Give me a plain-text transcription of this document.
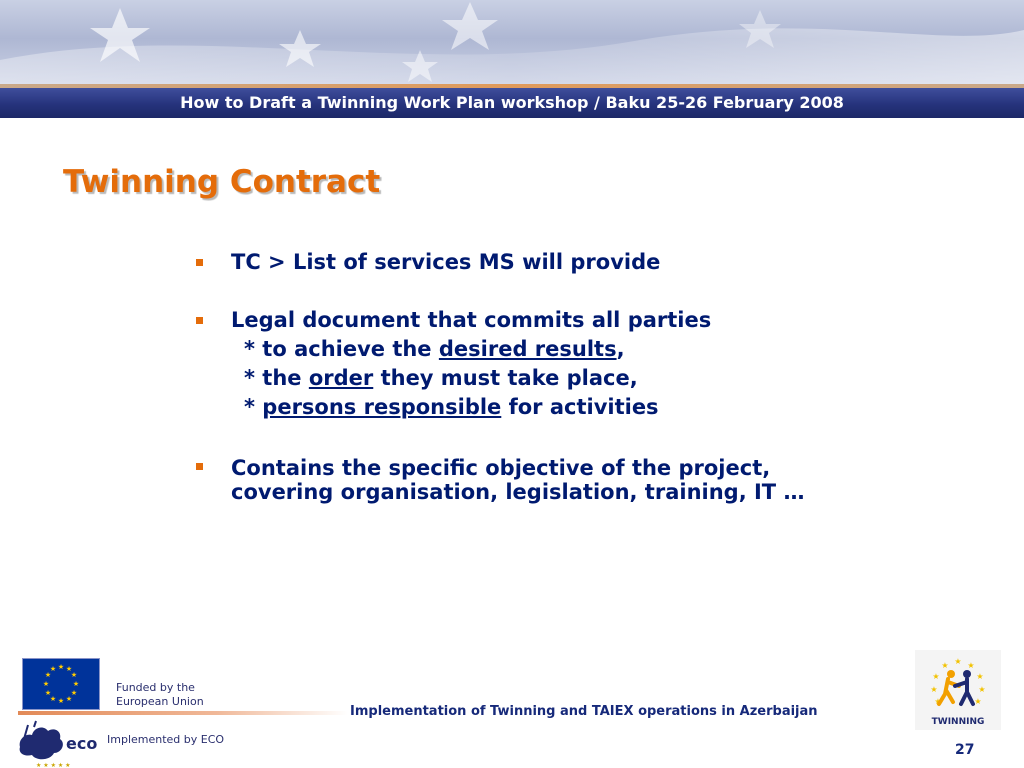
How to Draft a Twinning Work Plan workshop / Baku 25-26 February 2008
Twinning Contract
TC > List of services MS will provide
Legal document that commits all parties
* to achieve the desired results,
* the order they must take place,
* persons responsible for activities
Contains the specific objective of the project,
covering organisation, legislation, training, IT …
★ ★
★
★
★
★
★
★
★
★
★
★
Funded by the
European Union
eco
★ ★ ★ ★ ★
Implemented by ECO
Implementation of Twinning and TAIEX operations in Azerbaijan
★ ★
★
★
★
★
★
★
★
TWINNING
27
